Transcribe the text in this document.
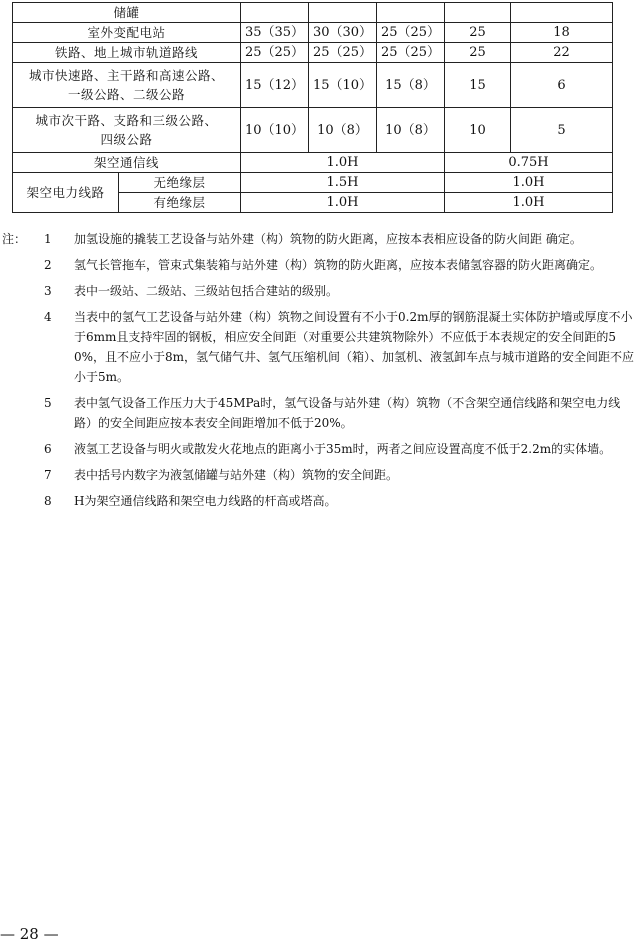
储罐						
室外变配电站		35（35）	30（30）	25（25）	25	18
铁路、地上城市轨道路线		25（25）	25（25）	25（25）	25	22

城市快速路、主干路和高速公路、
一级公路、二级公路		15（12）	15（10）	15（8）	15	6

城市次干路、支路和三级公路、
四级公路		10（10）	10（8）	10（8）	10	5
架空通信线		1.0H			0.75H	
架空电力线路	无绝缘层	1.5H			1.0H	
	有绝缘层	1.0H			1.0H	
注： 1	加氢设施的撬装工艺设备与站外建（构）筑物的防火距离，应按本表相应设备的防火间距 确定。
2	氢气长管拖车，管束式集装箱与站外建（构）筑物的防火距离，应按本表储氢容器的防火距离确定。
3	表中一级站、二级站、三级站包括合建站的级别。
4	当表中的氢气工艺设备与站外建（构）筑物之间设置有不小于0.2m厚的钢筋混凝土实体防护墙或厚度不小于6mm且支持牢固的钢板，相应安全间距（对重要公共建筑物除外）不应低于本表规定的安全间距的50%，且不应小于8m，氢气储气井、氢气压缩机间（箱）、加氢机、液氢卸车点与城市道路的安全间距不应小于5m。
5	表中氢气设备工作压力大于45MPa时，氢气设备与站外建（构）筑物（不含架空通信线路和架空电力线路）的安全间距应按本表安全间距增加不低于20%。
6	液氢工艺设备与明火或散发火花地点的距离小于35m时，两者之间应设置高度不低于2.2m的实体墙。
7	表中括号内数字为液氢储罐与站外建（构）筑物的安全间距。
8	H为架空通信线路和架空电力线路的杆高或塔高。
— 28 —
